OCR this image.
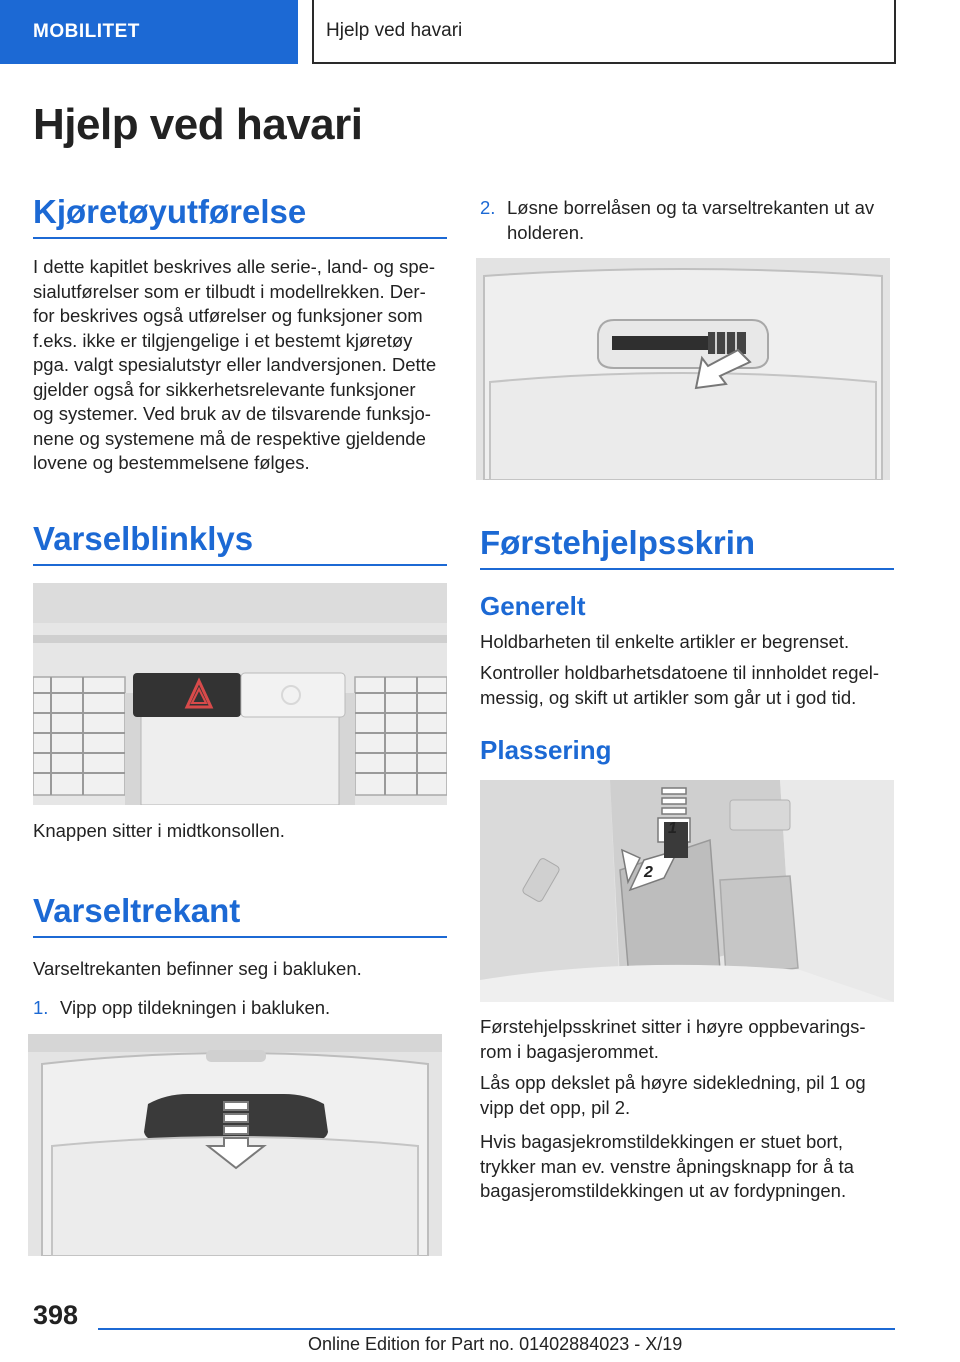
MOBILITET	Hjelp ved havari
Hjelp ved havari
Kjøretøyutførelse
I dette kapitlet beskrives alle serie-, land- og spe-
sialutførelser som er tilbudt i modellrekken. Der-
for beskrives også utførelser og funksjoner som
f.eks. ikke er tilgjengelige i et bestemt kjøretøy
pga. valgt spesialutstyr eller landversjonen. Dette
gjelder også for sikkerhetsrelevante funksjoner
og systemer. Ved bruk av de tilsvarende funksjo-
nene og systemene må de respektive gjeldende
lovene og bestemmelsene følges.
Varselblinklys

Knappen sitter i midtkonsollen.

Varseltrekant

Varseltrekanten befinner seg i bakluken.

1. Vipp opp tildekningen i bakluken.

2. Løsne borrelåsen og ta varseltrekanten ut av
holderen.

Førstehjelpsskrin
Generelt

Holdbarheten til enkelte artikler er begrenset.

Kontroller holdbarhetsdatoene til innholdet regel-
messig, og skift ut artikler som går ut i god tid.

Plassering
1
2

Førstehjelpsskrinet sitter i høyre oppbevarings-
rom i bagasjerommet.

Lås opp dekslet på høyre sidekledning, pil 1 og
vipp det opp, pil 2.

Hvis bagasjekromstildekkingen er stuet bort,
trykker man ev. venstre åpningsknapp for å ta
bagasjeromstildekkingen ut av fordypningen.

398
Online Edition for Part no. 01402884023 - X/19
